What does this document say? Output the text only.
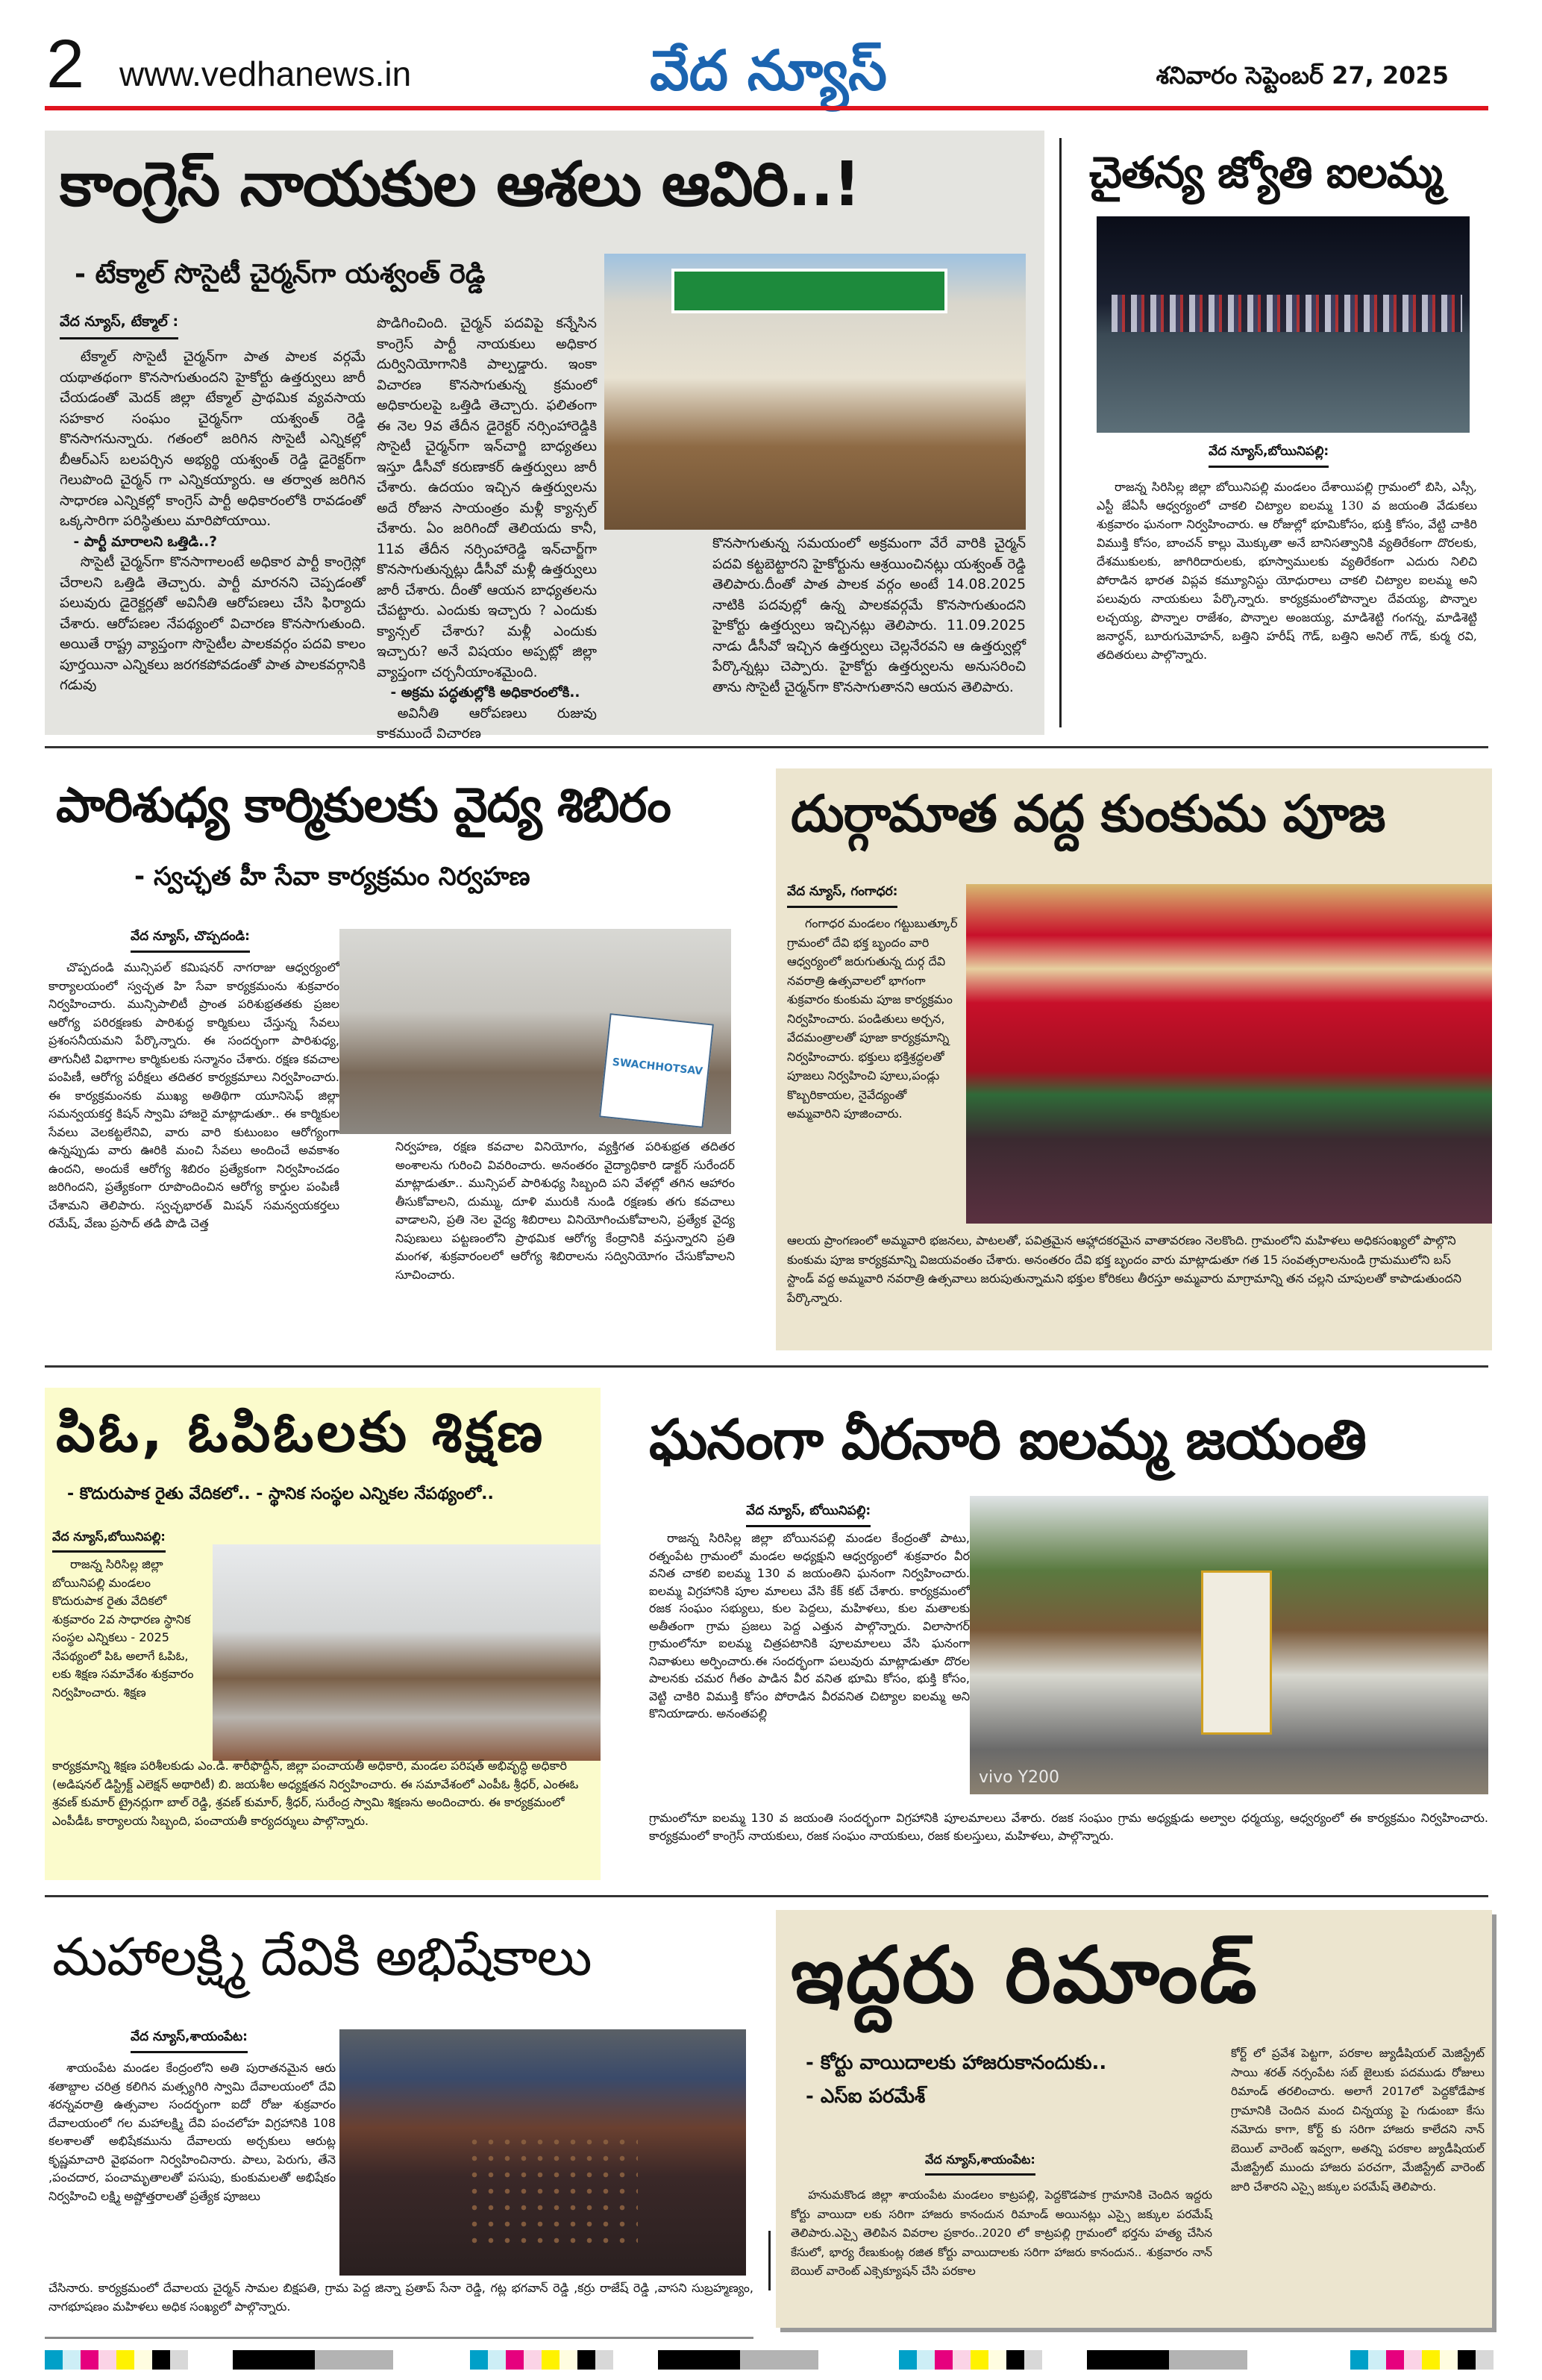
2 www.vedhanews.in	వేద న్యూస్	శనివారం సెప్టెంబర్ 27, 2025
కాంగ్రెస్ నాయకుల ఆశలు ఆవిరి..!
- టేక్మాల్ సొసైటీ చైర్మన్‌గా యశ్వంత్ రెడ్డి
వేద న్యూస్, టేక్మాల్ :

టేక్మాల్ సొసైటీ చైర్మన్‌గా పాత పాలక వర్గమే యథాతథంగా కొనసాగుతుందని హైకోర్టు ఉత్తర్వులు జారీ చేయడంతో మెదక్ జిల్లా టేక్మాల్ ప్రాథమిక వ్యవసాయ సహకార సంఘం చైర్మన్‌గా యశ్వంత్ రెడ్డి కొనసాగనున్నారు. గతంలో జరిగిన సొసైటీ ఎన్నికల్లో బీఆర్ఎస్ బలపర్చిన అభ్యర్థి యశ్వంత్ రెడ్డి డైరెక్టర్‌గా గెలుపొంది చైర్మన్ గా ఎన్నికయ్యారు. ఆ తర్వాత జరిగిన సాధారణ ఎన్నికల్లో కాంగ్రెస్ పార్టీ అధికారంలోకి రావడంతో ఒక్కసారిగా పరిస్థితులు మారిపోయాయి.

- పార్టీ మారాలని ఒత్తిడి..?

సొసైటీ చైర్మన్‌గా కొనసాగాలంటే అధికార పార్టీ కాంగ్రెస్లో చేరాలని ఒత్తిడి తెచ్చారు. పార్టీ మారనని చెప్పడంతో పలువురు డైరెక్టర్లతో అవినీతి ఆరోపణలు చేసి ఫిర్యాదు చేశారు. ఆరోపణల నేపథ్యంలో విచారణ కొనసాగుతుంది. అయితే రాష్ట్ర వ్యాప్తంగా సొసైటీల పాలకవర్గం పదవి కాలం పూర్తయినా ఎన్నికలు జరగకపోవడంతో పాత పాలకవర్గానికి గడువు

పొడిగించింది. చైర్మన్ పదవిపై కన్నేసిన కాంగ్రెస్ పార్టీ నాయకులు అధికార దుర్వినియోగానికి పాల్పడ్డారు. ఇంకా విచారణ కొనసాగుతున్న క్రమంలో అధికారులపై ఒత్తిడి తెచ్చారు. ఫలితంగా ఈ నెల 9వ తేదీన డైరెక్టర్ నర్సింహారెడ్డికి సొసైటీ చైర్మన్‌గా ఇన్‌చార్జి బాధ్యతలు ఇస్తూ డీసీవో కరుణాకర్ ఉత్తర్వులు జారీ చేశారు. ఉదయం ఇచ్చిన ఉత్తర్వులను అదే రోజున సాయంత్రం మళ్లీ క్యాన్సల్ చేశారు. ఏం జరిగిందో తెలియదు కానీ, 11వ తేదీన నర్సింహారెడ్డి ఇన్‌చార్జ్‌గా కొనసాగుతున్నట్లు డీసీవో మళ్లీ ఉత్తర్వులు జారీ చేశారు. దీంతో ఆయన బాధ్యతలను చేపట్టారు. ఎందుకు ఇచ్చారు ? ఎందుకు క్యాన్సల్ చేశారు? మళ్లీ ఎందుకు ఇచ్చారు? అనే విషయం అప్పట్లో జిల్లా వ్యాప్తంగా చర్చనీయాంశమైంది.

- అక్రమ పద్ధతుల్లోకి అధికారంలోకి..

అవినీతి ఆరోపణలు రుజువు కాకముందే విచారణ

కొనసాగుతున్న సమయంలో అక్రమంగా వేరే వారికి చైర్మన్ పదవి కట్టబెట్టారని హైకోర్టును ఆశ్రయించినట్లు యశ్వంత్ రెడ్డి తెలిపారు.దీంతో పాత పాలక వర్గం అంటే 14.08.2025 నాటికి పదవుల్లో ఉన్న పాలకవర్గమే కొనసాగుతుందని హైకోర్టు ఉత్తర్వులు ఇచ్చినట్లు తెలిపారు. 11.09.2025 నాడు డీసీవో ఇచ్చిన ఉత్తర్వులు చెల్లనేరవని ఆ ఉత్తర్వుల్లో పేర్కొన్నట్లు చెప్పారు. హైకోర్టు ఉత్తర్వులను అనుసరించి తాను సొసైటీ చైర్మన్‌గా కొనసాగుతానని ఆయన తెలిపారు.

చైతన్య జ్యోతి ఐలమ్మ
వేద న్యూస్,బోయినిపల్లి:

రాజన్న సిరిసిల్ల జిల్లా బోయినిపల్లి మండలం దేశాయిపల్లి గ్రామంలో బిసి, ఎస్సీ, ఎస్టీ జేఏసీ ఆధ్వర్యంలో చాకలి చిట్యాల ఐలమ్మ 130 వ జయంతి వేడుకలు శుక్రవారం ఘనంగా నిర్వహించారు. ఆ రోజుల్లో భూమికోసం, భుక్తి కోసం, వేట్టి చాకిరి విముక్తి కోసం, బాంచన్ కాల్లు మొక్కుతా అనే బానిసత్వానికి వ్యతిరేకంగా దొరలకు, దేశముకులకు, జాగిరిదారులకు, భూస్వాములకు వ్యతిరేకంగా ఎదురు నిలిచి పోరాడిన భారత విప్లవ కమ్యూనిస్టు యోధురాలు చాకలి చిట్యాల ఐలమ్మ అని పలువురు నాయకులు పేర్కొన్నారు. కార్యక్రమంలోపొన్నాల దేవయ్య, పొన్నాల లచ్చయ్య, పొన్నాల రాజేశం, పొన్నాల అంజయ్య, మాడిశెట్టి గంగన్న, మాడిశెట్టి జనార్ధన్, బూరుగుమోహన్, బత్తిని హరీష్ గౌడ్, బత్తిని అనిల్ గౌడ్, కుర్మ రవి, తదితరులు పాల్గొన్నారు.

పారిశుధ్య కార్మికులకు వైద్య శిబిరం
- స్వచ్ఛత హీ సేవా కార్యక్రమం నిర్వహణ
వేద న్యూస్, చొప్పదండి:

చొప్పదండి మున్సిపల్ కమిషనర్ నాగరాజు ఆధ్వర్యంలో కార్యాలయంలో స్వచ్ఛత హి సేవా కార్యక్రమంను శుక్రవారం నిర్వహించారు. మున్సిపాలిటీ ప్రాంత పరిశుభ్రతతకు ప్రజల ఆరోగ్య పరిరక్షణకు పారిశుద్ధ కార్మికులు చేస్తున్న సేవలు ప్రశంసనీయమని పేర్కొన్నారు. ఈ సందర్భంగా పారిశుధ్య, తాగునీటి విభాగాల కార్మికులకు సన్మానం చేశారు. రక్షణ కవచాల పంపిణీ, ఆరోగ్య పరీక్షలు తదితర కార్యక్రమాలు నిర్వహించారు. ఈ కార్యక్రమంనకు ముఖ్య అతిథిగా యూనిసెఫ్ జిల్లా సమన్వయకర్త కిషన్ స్వామి హాజరై మాట్లాడుతూ.. ఈ కార్మికుల సేవలు వెలకట్టలేనివి, వారు వారి కుటుంబం ఆరోగ్యంగా ఉన్నప్పుడు వారు ఊరికి మంచి సేవలు అందించే అవకాశం ఉందని, అందుకే ఆరోగ్య శిబిరం ప్రత్యేకంగా నిర్వహించడం జరిగిందని, ప్రత్యేకంగా రూపొందించిన ఆరోగ్య కార్డుల పంపిణీ చేశామని తెలిపారు. స్వచ్ఛభారత్ మిషన్ సమన్వయకర్తలు రమేష్, వేణు ప్రసాద్ తడి పొడి చెత్త

SWACHHOTSAV

నిర్వహణ, రక్షణ కవచాల వినియోగం, వ్యక్తిగత పరిశుభ్రత తదితర అంశాలను గురించి వివరించారు. అనంతరం వైద్యాధికారి డాక్టర్ సురేందర్ మాట్లాడుతూ.. మున్సిపల్ పారిశుధ్య సిబ్బంది పని వేళల్లో తగిన ఆహారం తీసుకోవాలని, దుమ్ము, దూళి మురుకి నుండి రక్షణకు తగు కవచాలు వాడాలని, ప్రతి నెల వైద్య శిబిరాలు వినియోగించుకోవాలని, ప్రత్యేక వైద్య నిపుణులు పట్టణంలోని ప్రాథమిక ఆరోగ్య కేంద్రానికి వస్తున్నారని ప్రతి మంగళ, శుక్రవారంలలో ఆరోగ్య శిబిరాలను సద్వినియోగం చేసుకోవాలని సూచించారు.

దుర్గామాత వద్ద కుంకుమ పూజ
వేద న్యూస్, గంగాధర:

గంగాధర మండలం గట్టుబుత్కూర్ గ్రామంలో దేవి భక్త బృందం వారి ఆధ్వర్యంలో జరుగుతున్న దుర్గ దేవి నవరాత్రి ఉత్సవాలలో భాగంగా శుక్రవారం కుంకుమ పూజ కార్యక్రమం నిర్వహించారు. పండితులు అర్చన, వేదమంత్రాలతో పూజా కార్యక్రమాన్ని నిర్వహించారు. భక్తులు భక్తిశ్రద్ధలతో పూజలు నిర్వహించి పూలు,పండ్లు కొబ్బరికాయల, నైవేద్యంతో అమ్మవారిని పూజించారు.

ఆలయ ప్రాంగణంలో అమ్మవారి భజనలు, పాటలతో, పవిత్రమైన ఆహ్లాదకరమైన వాతావరణం నెలకొంది. గ్రామంలోని మహిళలు అధికసంఖ్యలో పాల్గొని కుంకుమ పూజ కార్యక్రమాన్ని విజయవంతం చేశారు. అనంతరం దేవి భక్త బృందం వారు మాట్లాడుతూ గత 15 సంవత్సరాలనుండి గ్రామములోని బస్ స్టాండ్ వద్ద అమ్మవారి నవరాత్రి ఉత్సవాలు జరుపుతున్నామని భక్తుల కోరికలు తీరస్తూ అమ్మవారు మాగ్రామాన్ని తన చల్లని చూపులతో కాపాడుతుందని పేర్కొన్నారు.

పిఓ, ఓపిఓలకు శిక్షణ
- కొదురుపాక రైతు వేదికలో.. - స్థానిక సంస్థల ఎన్నికల నేపథ్యంలో..
వేద న్యూస్,బోయినిపల్లి:

రాజన్న సిరిసిల్ల జిల్లా బోయినిపల్లి మండలం కొదురుపాక రైతు వేదికలో శుక్రవారం 2వ సాధారణ స్థానిక సంస్థల ఎన్నికలు - 2025 నేపథ్యంలో పిఓ అలాగే ఓపిఓ, లకు శిక్షణ సమావేశం శుక్రవారం నిర్వహించారు. శిక్షణ

కార్యక్రమాన్ని శిక్షణ పరిశీలకుడు ఎం.డి. శారీఫొద్దీన్, జిల్లా పంచాయతీ అధికారి, మండల పరిషత్ అభివృద్ధి అధికారి (అడిషనల్ డిస్ట్రిక్ట్ ఎలెక్షన్ అథారిటీ) బి. జయశీల అధ్యక్షతన నిర్వహించారు. ఈ సమావేశంలో ఎంపీఓ శ్రీధర్, ఎంఈఓ శ్రవణ్ కుమార్ ట్రైనర్లుగా బాల్ రెడ్డి, శ్రవణ్ కుమార్, శ్రీధర్, సురేంద్ర స్వామి శిక్షణను అందించారు. ఈ కార్యక్రమంలో ఎంపీడీఓ కార్యాలయ సిబ్బంది, పంచాయతీ కార్యదర్శులు పాల్గొన్నారు.

ఘనంగా వీరనారి ఐలమ్మ జయంతి
వేద న్యూస్, బోయినిపల్లి:

రాజన్న సిరిసిల్ల జిల్లా బోయినపల్లి మండల కేంద్రంతో పాటు, రత్నంపేట గ్రామంలో మండల అధ్యక్షుని ఆధ్వర్యంలో శుక్రవారం వీర వనిత చాకలి ఐలమ్మ 130 వ జయంతిని ఘనంగా నిర్వహించారు. ఐలమ్మ విగ్రహానికి పూల మాలలు వేసి కేక్ కట్ చేశారు. కార్యక్రమంలో రజక సంఘం సభ్యులు, కుల పెద్దలు, మహిళలు, కుల మతాలకు అతీతంగా గ్రామ ప్రజలు పెద్ద ఎత్తున పాల్గొన్నారు. విలాసాగర్ గ్రామంలోనూ ఐలమ్మ చిత్రపటానికి పూలమాలలు వేసి ఘనంగా నివాళులు అర్పించారు.ఈ సందర్భంగా పలువురు మాట్లాడుతూ దొరల పాలనకు చమర గీతం పాడిన వీర వనిత భూమి కోసం, భుక్తి కోసం, వెట్టి చాకిరి విముక్తి కోసం పోరాడిన వీరవనిత చిట్యాల ఐలమ్మ అని కొనియాడారు. అనంతపల్లి

vivo Y200

గ్రామంలోనూ ఐలమ్మ 130 వ జయంతి సందర్భంగా విగ్రహానికి పూలమాలలు వేశారు. రజక సంఘం గ్రామ అధ్యక్షుడు అల్వాల ధర్మయ్య, ఆధ్వర్యంలో ఈ కార్యక్రమం నిర్వహించారు. కార్యక్రమంలో కాంగ్రెస్ నాయకులు, రజక సంఘం నాయకులు, రజక కులస్తులు, మహిళలు, పాల్గొన్నారు.

మహాలక్ష్మి దేవికి అభిషేకాలు
వేద న్యూస్,శాయంపేట:

శాయంపేట మండల కేంద్రంలోని అతి పురాతనమైన ఆరు శతాబ్దాల చరిత్ర కలిగిన మత్స్యగిరి స్వామి దేవాలయంలో దేవి శరన్నవరాత్రి ఉత్సవాల సందర్భంగా ఐదో రోజు శుక్రవారం దేవాలయంలో గల మహాలక్ష్మి దేవి పంచలోహ విగ్రహానికి 108 కలశాలతో అభిషేకమును దేవాలయ అర్చకులు ఆరుట్ల కృష్ణమాచారి వైభవంగా నిర్వహించినారు. పాలు, పెరుగు, తేనె ,పంచదార, పంచామృతాలతో పసుపు, కుంకుమలతో అభిషేకం నిర్వహించి లక్ష్మి అష్టోత్తరాలతో ప్రత్యేక పూజలు

చేసినారు. కార్యక్రమంలో దేవాలయ చైర్మన్ సామల బిక్షపతి, గ్రామ పెద్ద జిన్నా ప్రతాప్ సేనా రెడ్డి, గట్ల భగవాన్ రెడ్డి ,కర్రు రాజేష్ రెడ్డి ,వాసని సుబ్రహ్మణ్యం, నాగభూషణం మహిళలు అధిక సంఖ్యలో పాల్గొన్నారు.

ఇద్దరు రిమాండ్
- కోర్టు వాయిదాలకు హాజరుకానందుకు..
- ఎస్ఐ పరమేశ్
వేద న్యూస్,శాయంపేట:

హనుమకొండ జిల్లా శాయంపేట మండలం కాట్రపల్లి, పెద్దకొడపాక గ్రామానికి చెందిన ఇద్దరు కోర్టు వాయిదా లకు సరిగా హాజరు కానందున రిమాండ్ అయినట్లు ఎస్సై జక్కుల పరమేష్ తెలిపారు.ఎస్సై తెలిపిన వివరాల ప్రకారం..2020 లో కాట్రపల్లి గ్రామంలో భర్తను హత్య చేసిన కేసులో, భార్య రేణుకుంట్ల రజిత కోర్టు వాయిదాలకు సరిగా హాజరు కానందున.. శుక్రవారం నాన్ బెయిల్ వారెంట్ ఎక్సెక్యూషన్ చేసి పరకాల

కోర్ట్ లో ప్రవేశ పెట్టగా, పరకాల జ్యుడీషియల్ మెజిస్ట్రేట్ సాయి శరత్ నర్సంపేట సబ్ జైలుకు పదముడు రోజులు రిమాండ్ తరలించారు. అలాగే 2017లో పెద్దకోడేపాక గ్రామానికి చెందిన మంద చిన్నయ్య పై గుడుంబా కేసు నమోదు కాగా, కోర్ట్ కు సరిగా హాజరు కాలేదని నాన్ బెయిల్ వారెంట్ ఇవ్వగా, అతన్ని పరకాల జ్యుడీషియల్ మేజిస్ట్రేట్ ముందు హాజరు పరచగా, మేజిస్ట్రేట్ వారెంట్ జారి చేశారని ఎస్సై జక్కుల పరమేష్ తెలిపారు.
